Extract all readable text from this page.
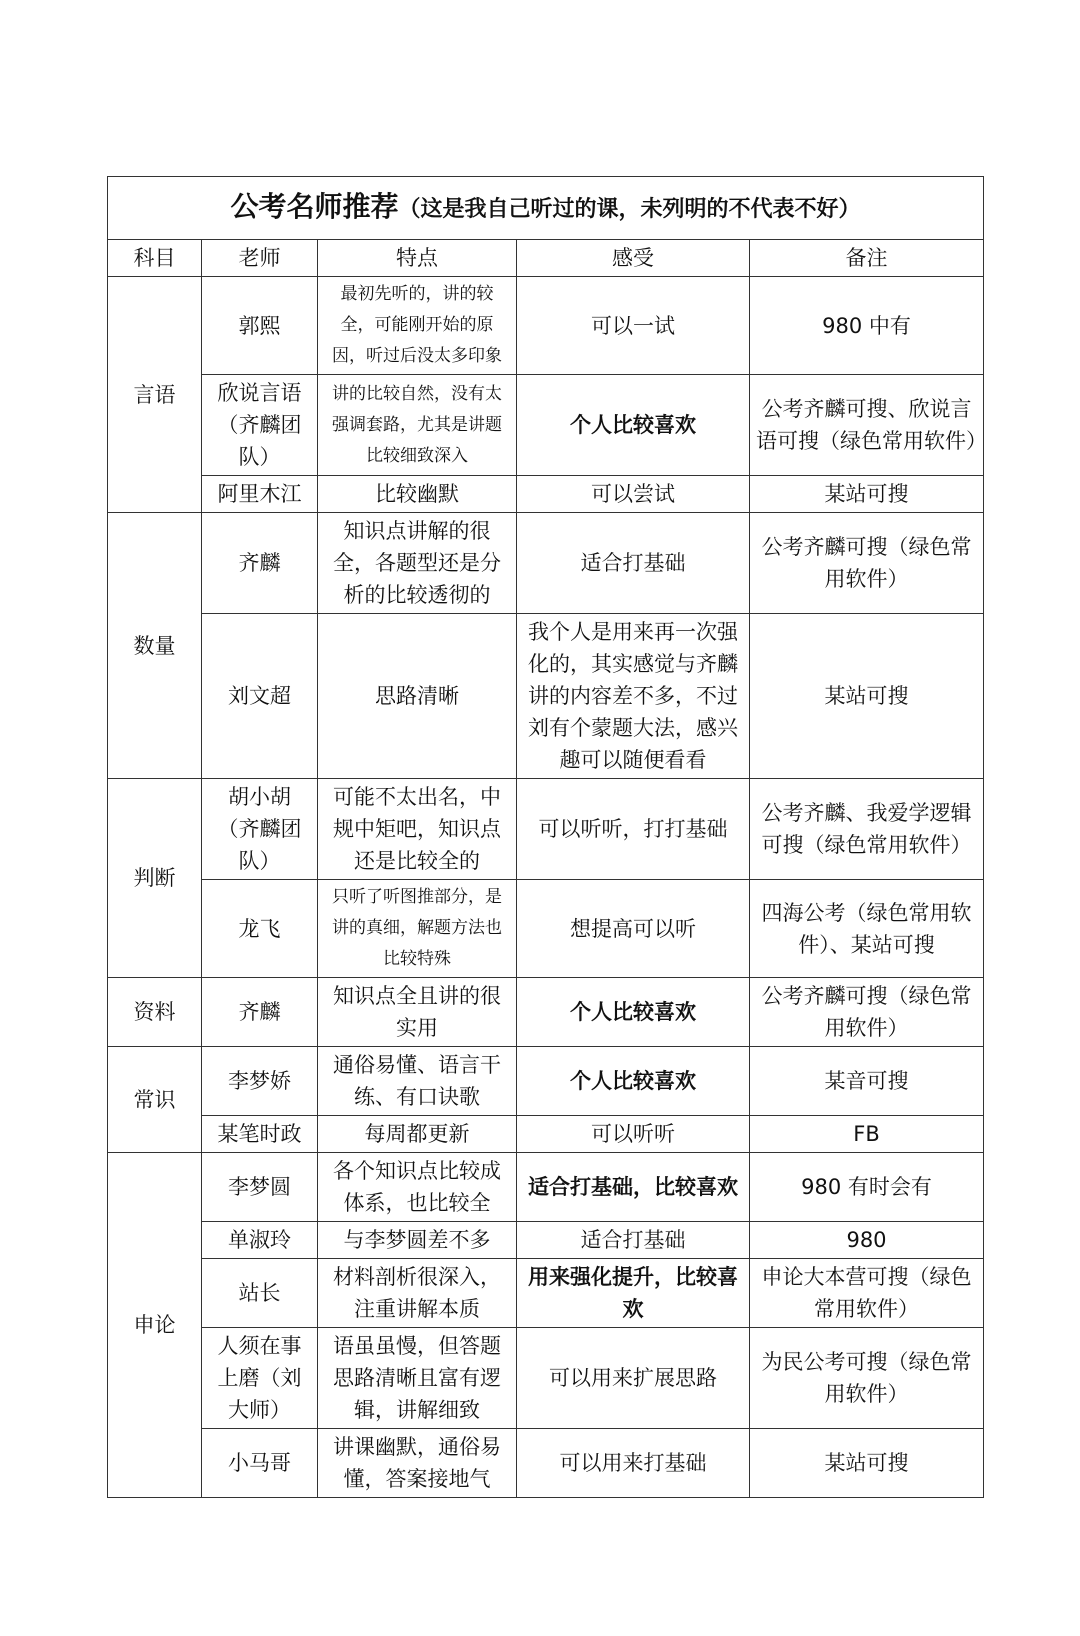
公考名师推荐（这是我自己听过的课，未列明的不代表不好）				
科目	老师	特点	感受	备注
言语	郭熙	最初先听的，讲的较全，可能刚开始的原因，听过后没太多印象	可以一试	980 中有
	欣说言语（齐麟团队）	讲的比较自然，没有太强调套路，尤其是讲题比较细致深入	个人比较喜欢	公考齐麟可搜、欣说言语可搜（绿色常用软件）
	阿里木江	比较幽默	可以尝试	某站可搜
数量	齐麟	知识点讲解的很全，各题型还是分析的比较透彻的	适合打基础	公考齐麟可搜（绿色常用软件）
	刘文超	思路清晰	我个人是用来再一次强化的，其实感觉与齐麟讲的内容差不多，不过刘有个蒙题大法，感兴趣可以随便看看	某站可搜
判断	胡小胡（齐麟团队）	可能不太出名，中规中矩吧，知识点还是比较全的	可以听听，打打基础	公考齐麟、我爱学逻辑可搜（绿色常用软件）
	龙飞	只听了听图推部分，是讲的真细，解题方法也比较特殊	想提高可以听	四海公考（绿色常用软件）、某站可搜
资料	齐麟	知识点全且讲的很实用	个人比较喜欢	公考齐麟可搜（绿色常用软件）
常识	李梦娇	通俗易懂、语言干练、有口诀歌	个人比较喜欢	某音可搜
	某笔时政	每周都更新	可以听听	FB
申论	李梦圆	各个知识点比较成体系，也比较全	适合打基础，比较喜欢	980 有时会有
	单淑玲	与李梦圆差不多	适合打基础	980
	站长	材料剖析很深入，注重讲解本质	用来强化提升，比较喜欢	申论大本营可搜（绿色常用软件）
	人须在事上磨（刘大师）	语虽虽慢，但答题思路清晰且富有逻辑，讲解细致	可以用来扩展思路	为民公考可搜（绿色常用软件）
	小马哥	讲课幽默，通俗易懂，答案接地气	可以用来打基础	某站可搜
